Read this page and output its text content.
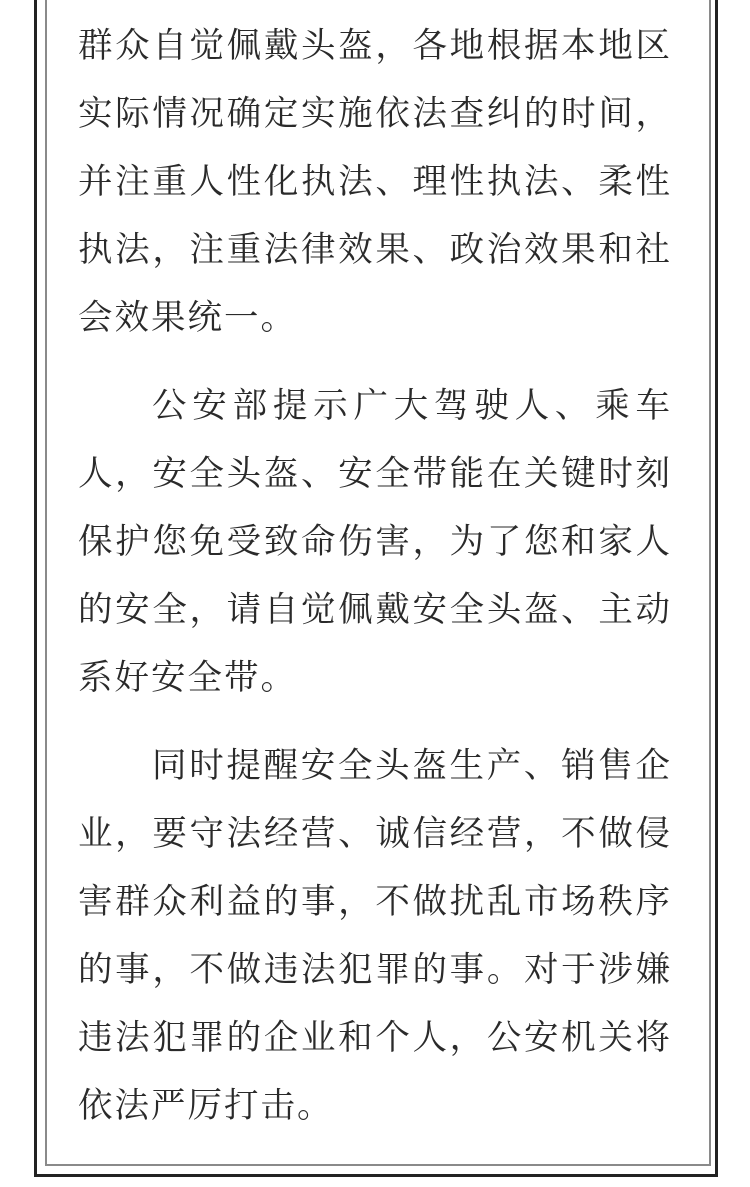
群众自觉佩戴头盔，各地根据本地区实际情况确定实施依法查纠的时间，并注重人性化执法、理性执法、柔性执法，注重法律效果、政治效果和社会效果统一。

公安部提示广大驾驶人、乘车人，安全头盔、安全带能在关键时刻保护您免受致命伤害，为了您和家人的安全，请自觉佩戴安全头盔、主动系好安全带。

同时提醒安全头盔生产、销售企业，要守法经营、诚信经营，不做侵害群众利益的事，不做扰乱市场秩序的事，不做违法犯罪的事。对于涉嫌违法犯罪的企业和个人，公安机关将依法严厉打击。
